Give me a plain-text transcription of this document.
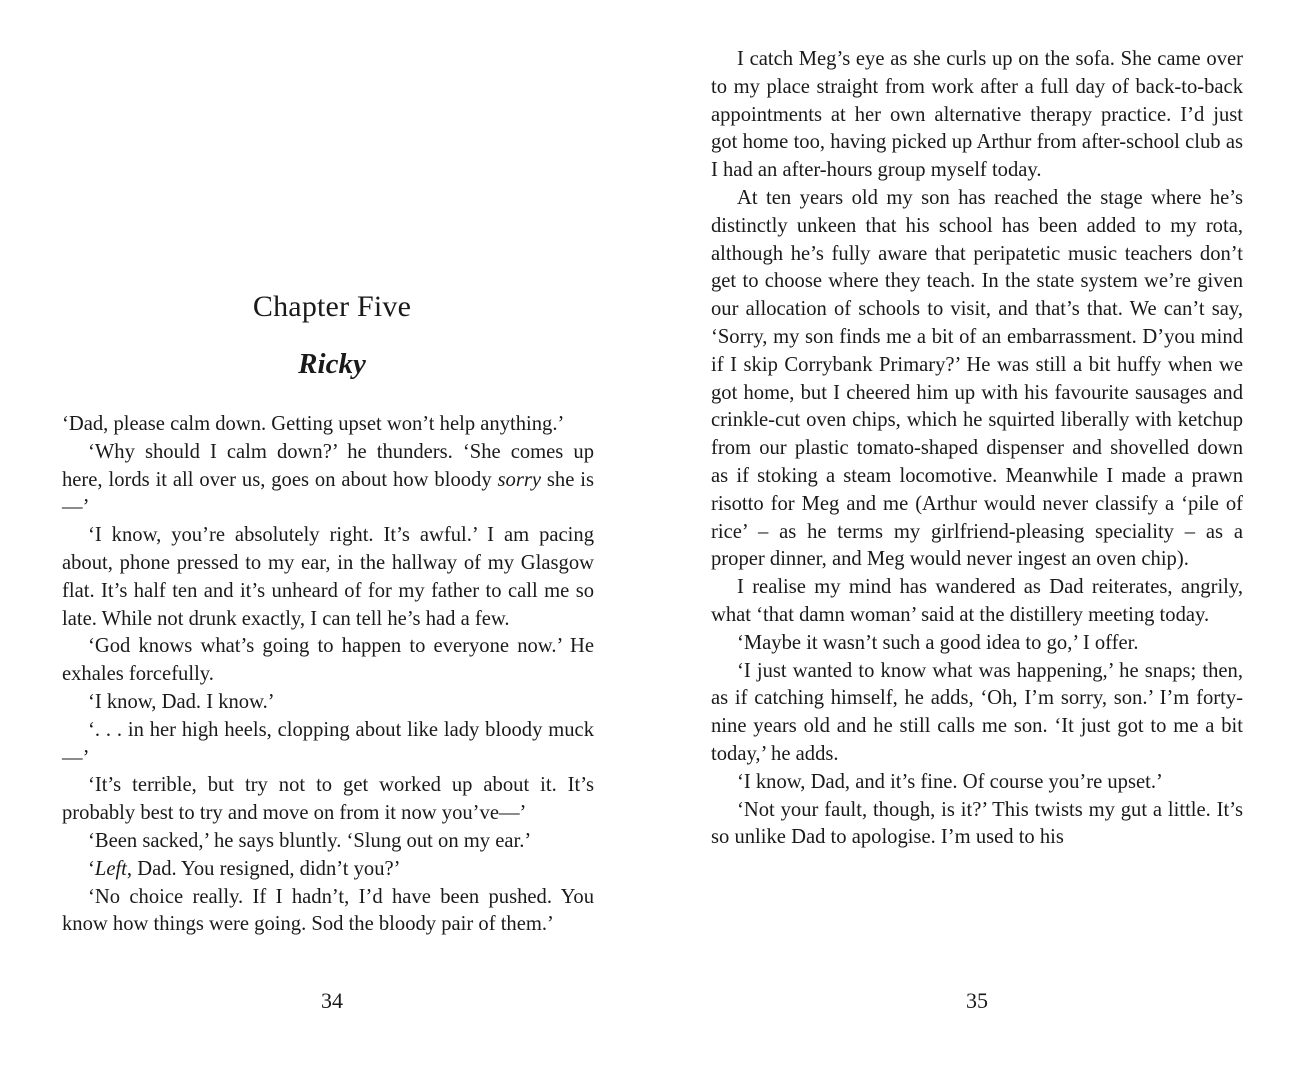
Chapter Five
Ricky

‘Dad, please calm down. Getting upset won’t help anything.’

‘Why should I calm down?’ he thunders. ‘She comes up here, lords it all over us, goes on about how bloody sorry she is—’

‘I know, you’re absolutely right. It’s awful.’ I am pacing about, phone pressed to my ear, in the hallway of my Glasgow flat. It’s half ten and it’s unheard of for my father to call me so late. While not drunk exactly, I can tell he’s had a few.

‘God knows what’s going to happen to everyone now.’ He exhales forcefully.

‘I know, Dad. I know.’

‘. . . in her high heels, clopping about like lady bloody muck—’

‘It’s terrible, but try not to get worked up about it. It’s probably best to try and move on from it now you’ve—’

‘Been sacked,’ he says bluntly. ‘Slung out on my ear.’

‘Left, Dad. You resigned, didn’t you?’

‘No choice really. If I hadn’t, I’d have been pushed. You know how things were going. Sod the bloody pair of them.’

34

I catch Meg’s eye as she curls up on the sofa. She came over to my place straight from work after a full day of back-to-back appointments at her own alternative therapy practice. I’d just got home too, having picked up Arthur from after-school club as I had an after-hours group myself today.

At ten years old my son has reached the stage where he’s distinctly unkeen that his school has been added to my rota, although he’s fully aware that peripatetic music teachers don’t get to choose where they teach. In the state system we’re given our allocation of schools to visit, and that’s that. We can’t say, ‘Sorry, my son finds me a bit of an embarrassment. D’you mind if I skip Corrybank Primary?’ He was still a bit huffy when we got home, but I cheered him up with his favourite sausages and crinkle-cut oven chips, which he squirted liberally with ketchup from our plastic tomato-shaped dispenser and shovelled down as if stoking a steam locomotive. Meanwhile I made a prawn risotto for Meg and me (Arthur would never classify a ‘pile of rice’ – as he terms my girlfriend-pleasing speciality – as a proper dinner, and Meg would never ingest an oven chip).

I realise my mind has wandered as Dad reiterates, angrily, what ‘that damn woman’ said at the distillery meeting today.

‘Maybe it wasn’t such a good idea to go,’ I offer.

‘I just wanted to know what was happening,’ he snaps; then, as if catching himself, he adds, ‘Oh, I’m sorry, son.’ I’m forty-nine years old and he still calls me son. ‘It just got to me a bit today,’ he adds.

‘I know, Dad, and it’s fine. Of course you’re upset.’

‘Not your fault, though, is it?’ This twists my gut a little. It’s so unlike Dad to apologise. I’m used to his

35
